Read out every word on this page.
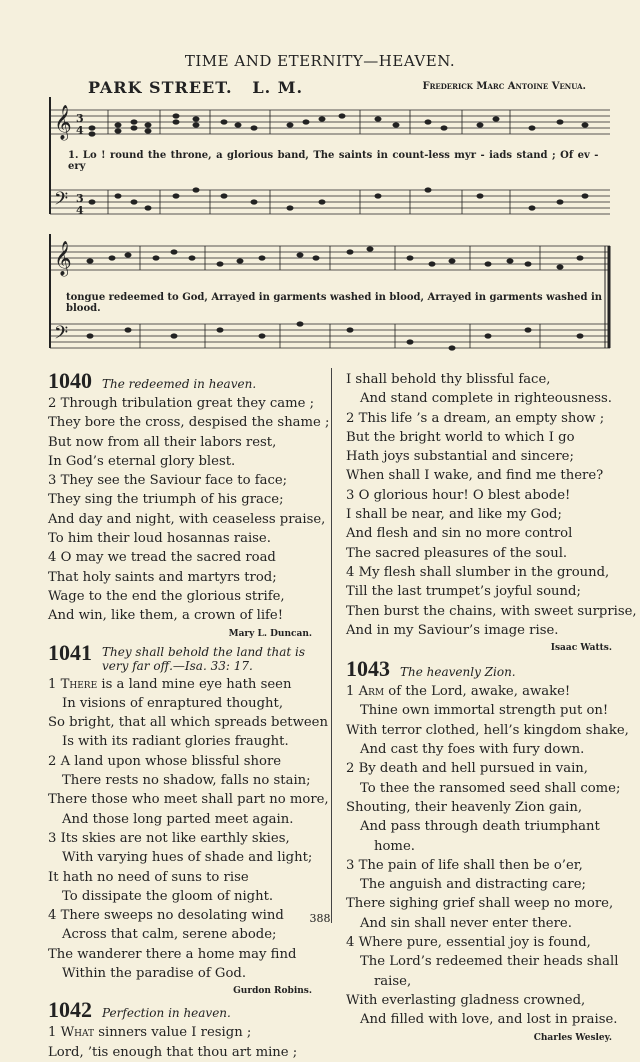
TIME AND ETERNITY—HEAVEN.
PARK STREET. L. M.	Frederick Marc Antoine Venua.
𝄞 3
4
𝄢 3
4
𝄞
𝄢
1. Lo ! round the throne, a glorious band, The saints in count-less myr - iads stand ; Of ev - ery
tongue redeemed to God, Arrayed in garments washed in blood, Arrayed in garments washed in blood.
1040 The redeemed in heaven.
2 Through tribulation great they came ;
They bore the cross, despised the shame ;
But now from all their labors rest,
In God’s eternal glory blest.
3 They see the Saviour face to face;
They sing the triumph of his grace;
And day and night, with ceaseless praise,
To him their loud hosannas raise.
4 O may we tread the sacred road
That holy saints and martyrs trod;
Wage to the end the glorious strife,
And win, like them, a crown of life!
Mary L. Duncan.
1041 They shall behold the land that is very far off.—Isa. 33: 17.
1 There is a land mine eye hath seen
In visions of enraptured thought,
So bright, that all which spreads between
Is with its radiant glories fraught.
2 A land upon whose blissful shore
There rests no shadow, falls no stain;
There those who meet shall part no more,
And those long parted meet again.
3 Its skies are not like earthly skies,
With varying hues of shade and light;
It hath no need of suns to rise
To dissipate the gloom of night.
4 There sweeps no desolating wind
Across that calm, serene abode;
The wanderer there a home may find
Within the paradise of God.
Gurdon Robins.
1042 Perfection in heaven.
1 What sinners value I resign ;
Lord, ’tis enough that thou art mine ;
I shall behold thy blissful face,
And stand complete in righteousness.
2 This life ’s a dream, an empty show ;
But the bright world to which I go
Hath joys substantial and sincere;
When shall I wake, and find me there?
3 O glorious hour! O blest abode!
I shall be near, and like my God;
And flesh and sin no more control
The sacred pleasures of the soul.
4 My flesh shall slumber in the ground,
Till the last trumpet’s joyful sound;
Then burst the chains, with sweet surprise,
And in my Saviour’s image rise.
Isaac Watts.
1043 The heavenly Zion.
1 Arm of the Lord, awake, awake!
Thine own immortal strength put on!
With terror clothed, hell’s kingdom shake,
And cast thy foes with fury down.
2 By death and hell pursued in vain,
To thee the ransomed seed shall come;
Shouting, their heavenly Zion gain,
And pass through death triumphant
home.
3 The pain of life shall then be o’er,
The anguish and distracting care;
There sighing grief shall weep no more,
And sin shall never enter there.
4 Where pure, essential joy is found,
The Lord’s redeemed their heads shall
raise,
With everlasting gladness crowned,
And filled with love, and lost in praise.
Charles Wesley.
388
